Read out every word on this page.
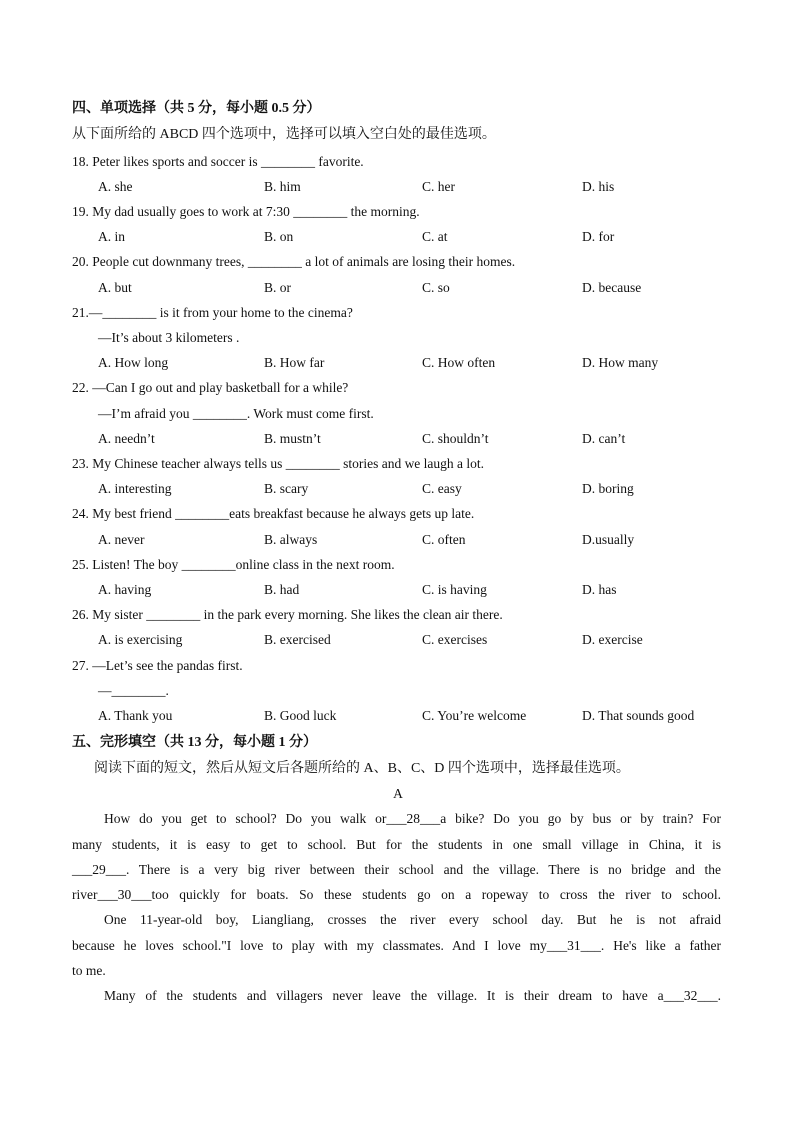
四、单项选择（共 5 分，每小题 0.5 分）
从下面所给的 ABCD 四个选项中，选择可以填入空白处的最佳选项。
18. Peter likes sports and soccer is ________ favorite.
A. she	B. him	C. her	D. his
19. My dad usually goes to work at 7:30 ________ the morning.
A. in	B. on	C. at	D. for
20. People cut downmany trees, ________ a lot of animals are losing their homes.
A. but	B. or	C. so	D. because
21.—________ is it from your home to the cinema?
—It’s about 3 kilometers .
A. How long	B. How far	C. How often	D. How many
22. —Can I go out and play basketball for a while?
—I’m afraid you ________. Work must come first.
A. needn’t	B. mustn’t	C. shouldn’t	D. can’t
23. My Chinese teacher always tells us ________ stories and we laugh a lot.
A. interesting	B. scary	C. easy	D. boring
24. My best friend ________eats breakfast because he always gets up late.
A. never	B. always	C. often	D.usually
25. Listen! The boy ________online class in the next room.
A. having	B. had	C. is having	D. has
26. My sister ________ in the park every morning. She likes the clean air there.
A. is exercising	B. exercised	C. exercises	D. exercise
27. —Let’s see the pandas first.
—________.
A. Thank you	B. Good luck	C. You’re welcome	D. That sounds good
五、完形填空（共 13 分，每小题 1 分）
阅读下面的短文，然后从短文后各题所给的 A、B、C、D 四个选项中，选择最佳选项。
A
How do you get to school? Do you walk or___28___a bike? Do you go by bus or by train? For
many students, it is easy to get to school. But for the students in one small village in China, it is
___29___. There is a very big river between their school and the village. There is no bridge and the
river___30___too quickly for boats. So these students go on a ropeway to cross the river to school.
One 11-year-old boy, Liangliang, crosses the river every school day. But he is not afraid
because he loves school."I love to play with my classmates. And I love my___31___. He's like a father
to me.
Many of the students and villagers never leave the village. It is their dream to have a___32___.
